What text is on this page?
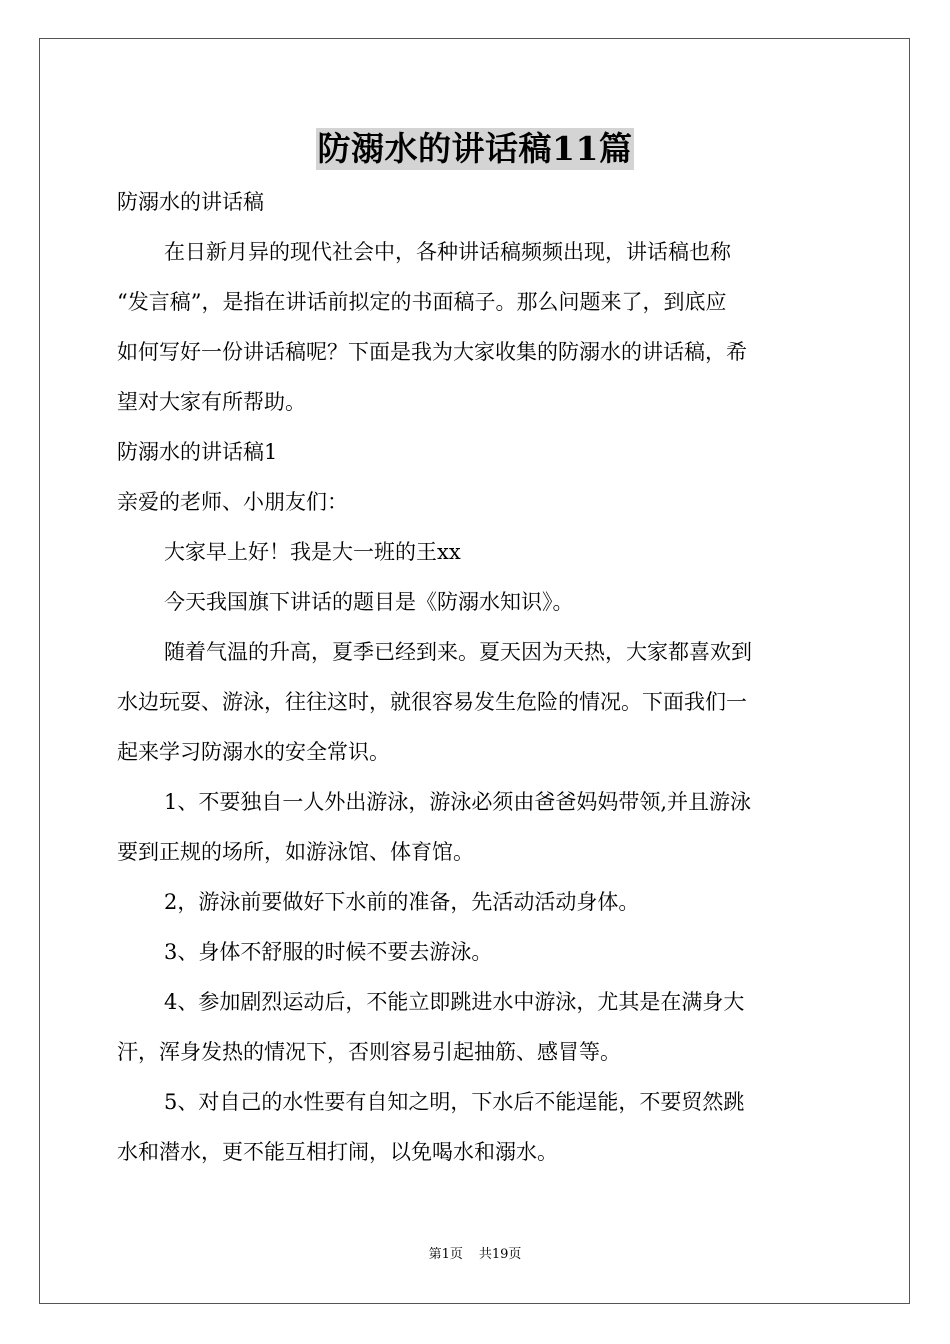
防溺水的讲话稿11篇

防溺水的讲话稿

在日新月异的现代社会中，各种讲话稿频频出现，讲话稿也称

“发言稿”，是指在讲话前拟定的书面稿子。那么问题来了，到底应

如何写好一份讲话稿呢？下面是我为大家收集的防溺水的讲话稿，希

望对大家有所帮助。

防溺水的讲话稿1

亲爱的老师、小朋友们：

大家早上好！我是大一班的王xx

今天我国旗下讲话的题目是《防溺水知识》。

随着气温的升高，夏季已经到来。夏天因为天热，大家都喜欢到

水边玩耍、游泳，往往这时，就很容易发生危险的情况。下面我们一

起来学习防溺水的安全常识。

1、不要独自一人外出游泳，游泳必须由爸爸妈妈带领,并且游泳

要到正规的场所，如游泳馆、体育馆。

2，游泳前要做好下水前的准备，先活动活动身体。

3、身体不舒服的时候不要去游泳。

4、参加剧烈运动后，不能立即跳进水中游泳，尤其是在满身大

汗，浑身发热的情况下，否则容易引起抽筋、感冒等。

5、对自己的水性要有自知之明，下水后不能逞能，不要贸然跳

水和潜水，更不能互相打闹，以免喝水和溺水。

第1页 共19页
